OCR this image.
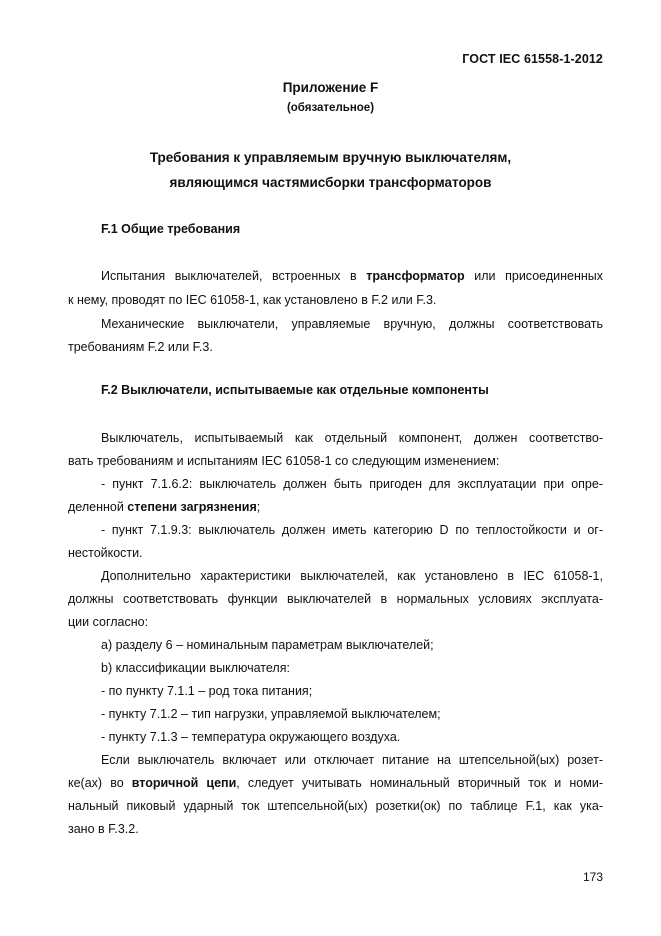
ГОСТ IEC 61558-1-2012
Приложение F
(обязательное)
Требования к управляемым вручную выключателям,
являющимся частямисборки трансформаторов
F.1 Общие требования
Испытания выключателей, встроенных в трансформатор или присоединенных
к нему, проводят по IEC 61058-1, как установлено в F.2 или F.3.
Механические выключатели, управляемые вручную, должны соответствовать
требованиям F.2 или F.3.
F.2 Выключатели, испытываемые как отдельные компоненты
Выключатель, испытываемый как отдельный компонент, должен соответство-
вать требованиям и испытаниям IEC 61058-1 со следующим изменением:
- пункт 7.1.6.2: выключатель должен быть пригоден для эксплуатации при опре-
деленной степени загрязнения;
- пункт 7.1.9.3: выключатель должен иметь категорию D по теплостойкости и ог-
нестойкости.
Дополнительно характеристики выключателей, как установлено в IEC 61058-1,
должны соответствовать функции выключателей в нормальных условиях эксплуата-
ции согласно:
a) разделу 6 – номинальным параметрам выключателей;
b) классификации выключателя:
- по пункту 7.1.1 – род тока питания;
- пункту 7.1.2 – тип нагрузки, управляемой выключателем;
- пункту 7.1.3 – температура окружающего воздуха.
Если выключатель включает или отключает питание на штепсельной(ых) розет-
ке(ах) во вторичной цепи, следует учитывать номинальный вторичный ток и номи-
нальный пиковый ударный ток штепсельной(ых) розетки(ок) по таблице F.1, как ука-
зано в F.3.2.
173
